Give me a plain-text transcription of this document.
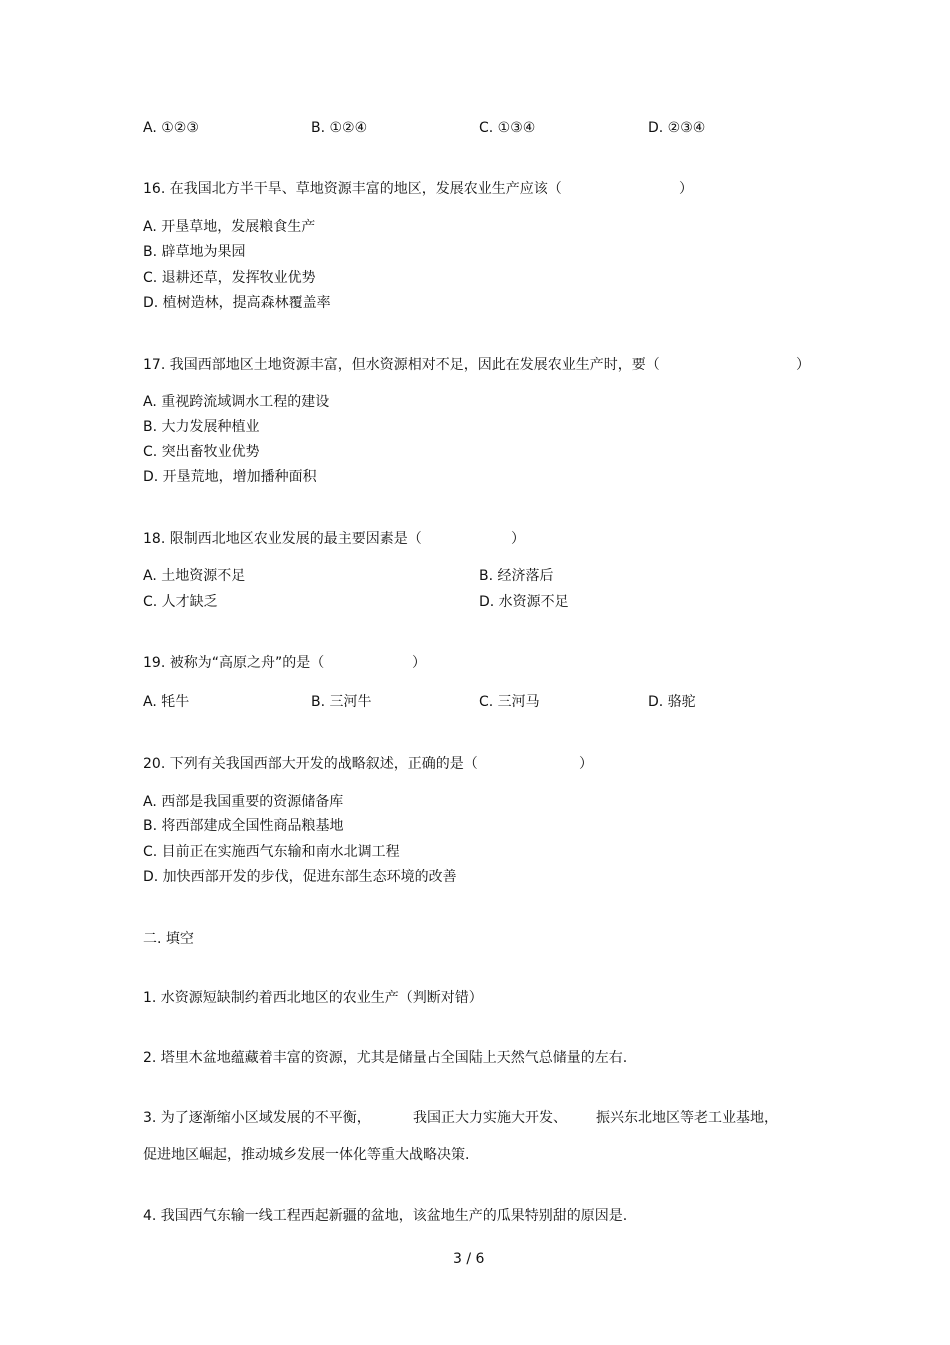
A. ①②③	B. ①②④	C. ①③④	D. ②③④
16. 在我国北方半干旱、草地资源丰富的地区，发展农业生产应该（	）
A. 开垦草地，发展粮食生产
B. 辟草地为果园
C. 退耕还草，发挥牧业优势
D. 植树造林，提高森林覆盖率
17. 我国西部地区土地资源丰富，但水资源相对不足，因此在发展农业生产时，要（	）
A. 重视跨流域调水工程的建设
B. 大力发展种植业
C. 突出畜牧业优势
D. 开垦荒地，增加播种面积
18. 限制西北地区农业发展的最主要因素是（	）
A. 土地资源不足	B. 经济落后
C. 人才缺乏	D. 水资源不足
19. 被称为“高原之舟”的是（	）
A. 牦牛	B. 三河牛	C. 三河马	D. 骆驼
20. 下列有关我国西部大开发的战略叙述，正确的是（	）
A. 西部是我国重要的资源储备库
B. 将西部建成全国性商品粮基地
C. 目前正在实施西气东输和南水北调工程
D. 加快西部开发的步伐，促进东部生态环境的改善
二. 填空
1. 水资源短缺制约着西北地区的农业生产（判断对错）
2. 塔里木盆地蕴藏着丰富的资源，尤其是储量占全国陆上天然气总储量的左右.
3. 为了逐渐缩小区域发展的不平衡，	我国正大力实施大开发、 振兴东北地区等老工业基地，
促进地区崛起，推动城乡发展一体化等重大战略决策.
4. 我国西气东输一线工程西起新疆的盆地，该盆地生产的瓜果特别甜的原因是.
3 / 6
